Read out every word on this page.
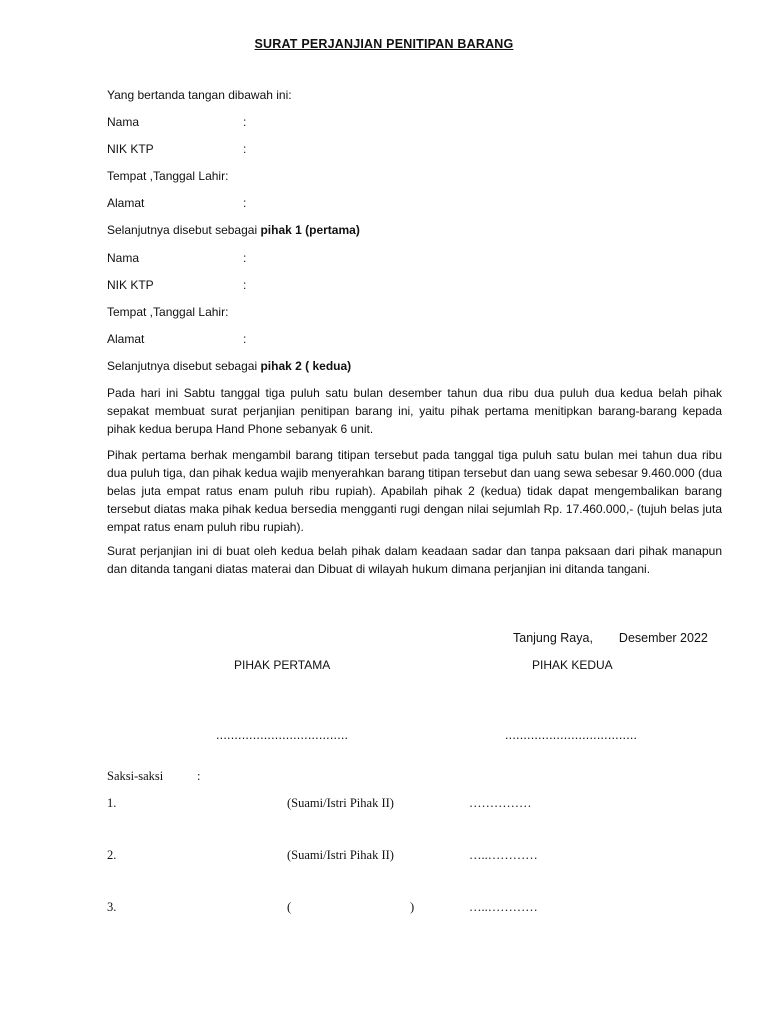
SURAT PERJANJIAN PENITIPAN BARANG
Yang bertanda tangan dibawah ini:
Nama	:
NIK KTP	:
Tempat ,Tanggal Lahir:
Alamat	:
Selanjutnya disebut sebagai pihak 1 (pertama)
Nama	:
NIK KTP	:
Tempat ,Tanggal Lahir:
Alamat	:
Selanjutnya disebut sebagai pihak 2 ( kedua)
Pada hari ini Sabtu tanggal tiga puluh satu bulan desember tahun dua ribu dua puluh dua kedua belah pihak sepakat membuat surat perjanjian penitipan barang ini, yaitu pihak pertama menitipkan barang-barang kepada pihak kedua berupa Hand Phone sebanyak 6 unit.
Pihak pertama berhak mengambil barang titipan tersebut pada tanggal tiga puluh satu bulan mei tahun dua ribu dua puluh tiga, dan pihak kedua wajib menyerahkan barang titipan tersebut dan uang sewa sebesar 9.460.000 (dua belas juta empat ratus enam puluh ribu rupiah). Apabilah pihak 2 (kedua) tidak dapat mengembalikan barang tersebut diatas maka pihak kedua bersedia mengganti rugi dengan nilai sejumlah Rp. 17.460.000,- (tujuh belas juta empat ratus enam puluh ribu rupiah).
Surat perjanjian ini di buat oleh kedua belah pihak dalam keadaan sadar dan tanpa paksaan dari pihak manapun dan ditanda tangani diatas materai dan Dibuat di wilayah hukum dimana perjanjian ini ditanda tangani.
Tanjung Raya, Desember 2022
PIHAK PERTAMA	PIHAK KEDUA
....................................	....................................
Saksi-saksi	:
1.	(Suami/Istri Pihak II)	……………
2.	(Suami/Istri Pihak II)	…..…………
3.	(	)	…..…………
